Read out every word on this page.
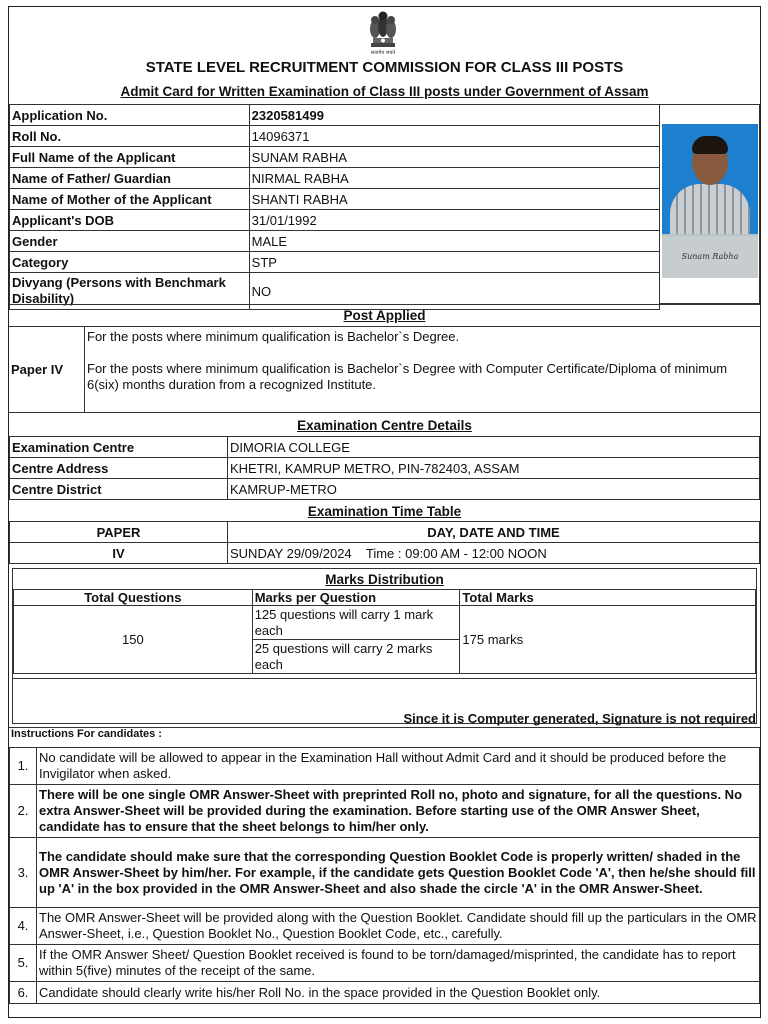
सत्यमेव जयते
STATE LEVEL RECRUITMENT COMMISSION FOR CLASS III POSTS
Admit Card for Written Examination of Class III posts under Government of Assam
Application No.	2320581499
Roll No.	14096371
Full Name of the Applicant	SUNAM RABHA
Name of Father/ Guardian	NIRMAL RABHA
Name of Mother of the Applicant	SHANTI RABHA
Applicant's DOB	31/01/1992
Gender	MALE
Category	STP
Divyang (Persons with Benchmark Disability)	NO
Sunam Rabha
Post Applied
Paper IV

For the posts where minimum qualification is Bachelor`s Degree.

For the posts where minimum qualification is Bachelor`s Degree with Computer Certificate/Diploma of minimum 6(six) months duration from a recognized Institute.

Examination Centre Details
Examination Centre	DIMORIA COLLEGE
Centre Address	KHETRI, KAMRUP METRO, PIN-782403, ASSAM
Centre District	KAMRUP-METRO
Examination Time Table
PAPER	DAY, DATE AND TIME
IV	SUNDAY 29/09/2024    Time : 09:00 AM - 12:00 NOON
Marks Distribution
Total Questions	Marks per Question	Total Marks
150	125 questions will carry 1 mark each	175 marks
	25 questions will carry 2 marks each	
Since it is Computer generated, Signature is not required
Instructions For candidates :
1.	No candidate will be allowed to appear in the Examination Hall without Admit Card and it should be produced before the Invigilator when asked.
2.	There will be one single OMR Answer-Sheet with preprinted Roll no, photo and signature, for all the questions. No extra Answer-Sheet will be provided during the examination. Before starting use of the OMR Answer Sheet, candidate has to ensure that the sheet belongs to him/her only.
3.	The candidate should make sure that the corresponding Question Booklet Code is properly written/ shaded in the OMR Answer-Sheet by him/her. For example, if the candidate gets Question Booklet Code 'A', then he/she should fill up 'A' in the box provided in the OMR Answer-Sheet and also shade the circle 'A' in the OMR Answer-Sheet.
4.	The OMR Answer-Sheet will be provided along with the Question Booklet. Candidate should fill up the particulars in the OMR Answer-Sheet, i.e., Question Booklet No., Question Booklet Code, etc., carefully.
5.	If the OMR Answer Sheet/ Question Booklet received is found to be torn/damaged/misprinted, the candidate has to report within 5(five) minutes of the receipt of the same.
6.	Candidate should clearly write his/her Roll No. in the space provided in the Question Booklet only.
